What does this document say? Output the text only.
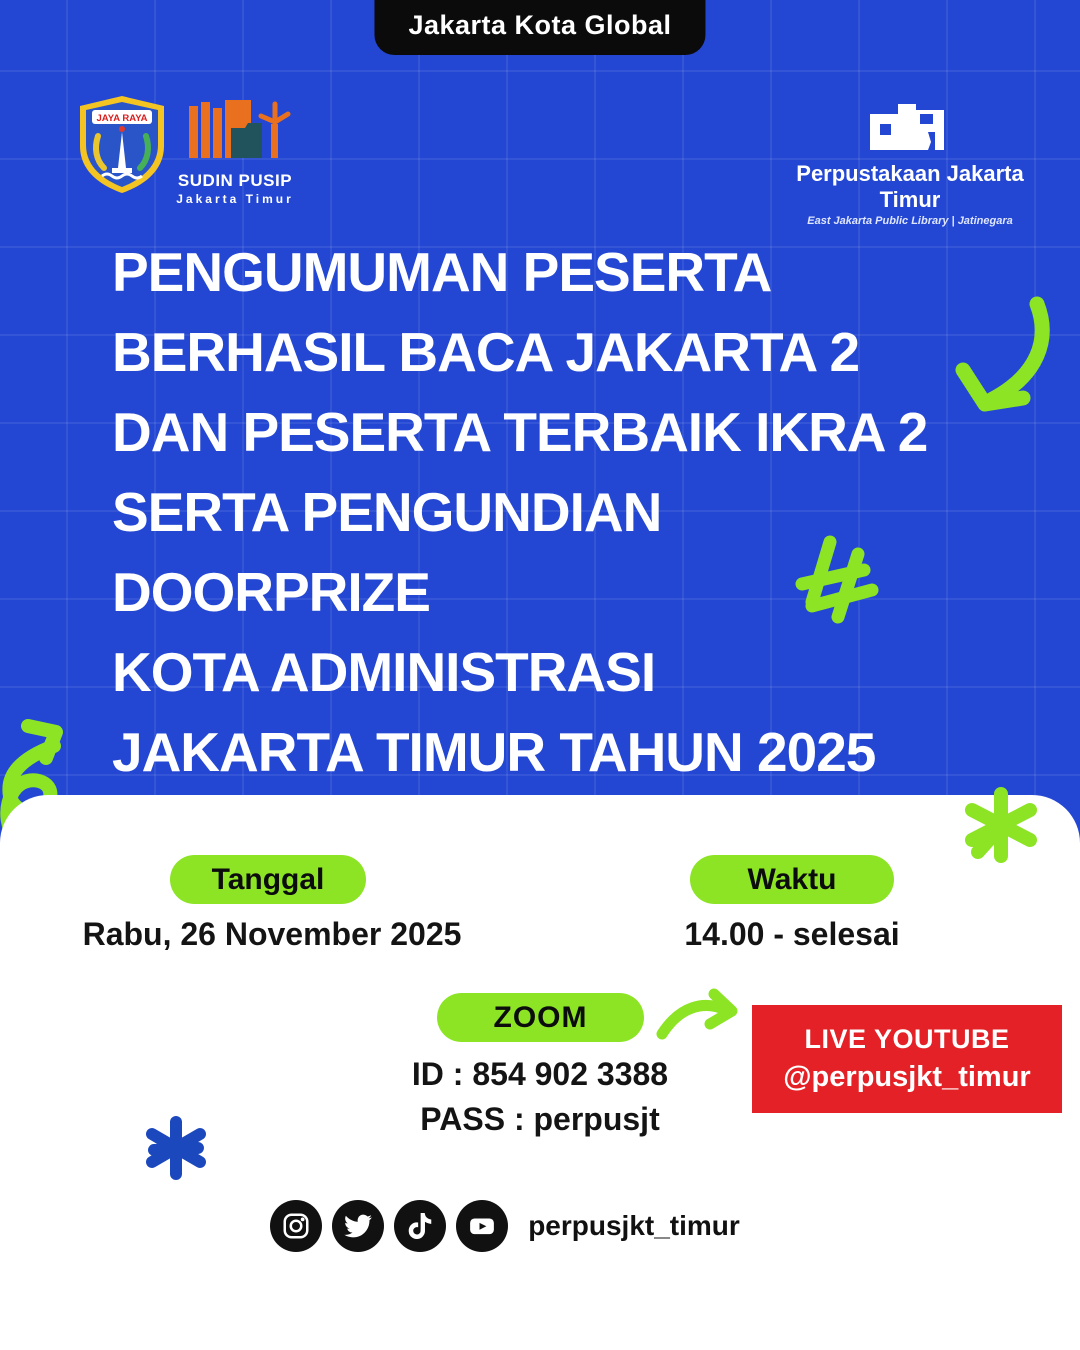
Jakarta Kota Global
JAYA RAYA
SUDIN PUSIP
Jakarta Timur
Perpustakaan Jakarta Timur
East Jakarta Public Library | Jatinegara
PENGUMUMAN PESERTA
BERHASIL BACA JAKARTA 2
DAN PESERTA TERBAIK IKRA 2
SERTA PENGUNDIAN
DOORPRIZE
KOTA ADMINISTRASI
JAKARTA TIMUR TAHUN 2025
Tanggal
Rabu, 26 November 2025
Waktu
14.00 - selesai
ZOOM
ID : 854 902 3388
PASS : perpusjt
LIVE YOUTUBE
@perpusjkt_timur
perpusjkt_timur
